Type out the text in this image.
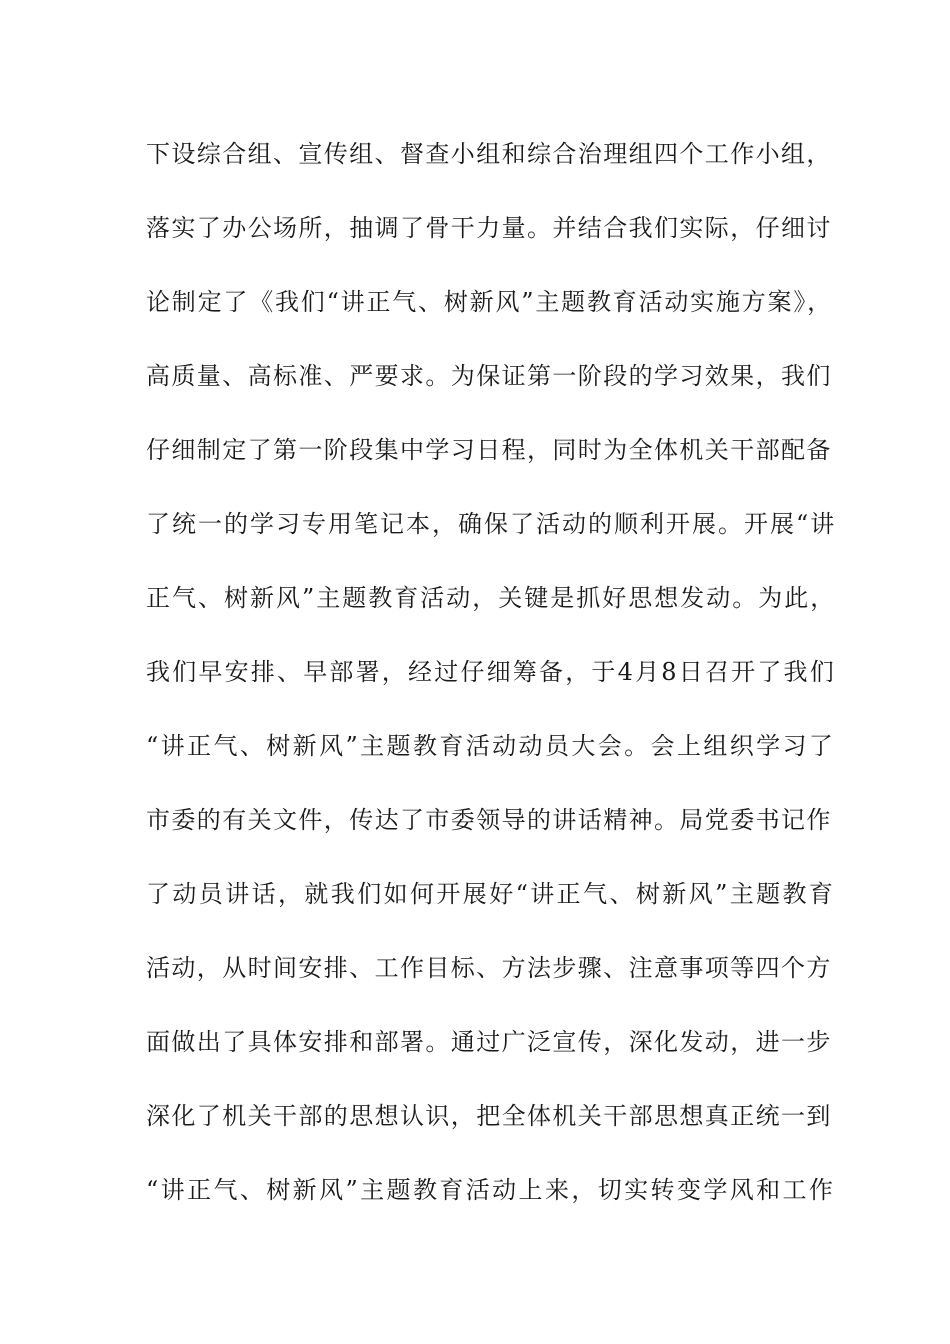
下设综合组、宣传组、督查小组和综合治理组四个工作小组，
落实了办公场所，抽调了骨干力量。并结合我们实际，仔细讨
论制定了《我们“讲正气、树新风”主题教育活动实施方案》，
高质量、高标准、严要求。为保证第一阶段的学习效果，我们
仔细制定了第一阶段集中学习日程，同时为全体机关干部配备
了统一的学习专用笔记本，确保了活动的顺利开展。开展“讲
正气、树新风”主题教育活动，关键是抓好思想发动。为此，
我们早安排、早部署，经过仔细筹备，于4月8日召开了我们
“讲正气、树新风”主题教育活动动员大会。会上组织学习了
市委的有关文件，传达了市委领导的讲话精神。局党委书记作
了动员讲话，就我们如何开展好“讲正气、树新风”主题教育
活动，从时间安排、工作目标、方法步骤、注意事项等四个方
面做出了具体安排和部署。通过广泛宣传，深化发动，进一步
深化了机关干部的思想认识，把全体机关干部思想真正统一到
“讲正气、树新风”主题教育活动上来，切实转变学风和工作
